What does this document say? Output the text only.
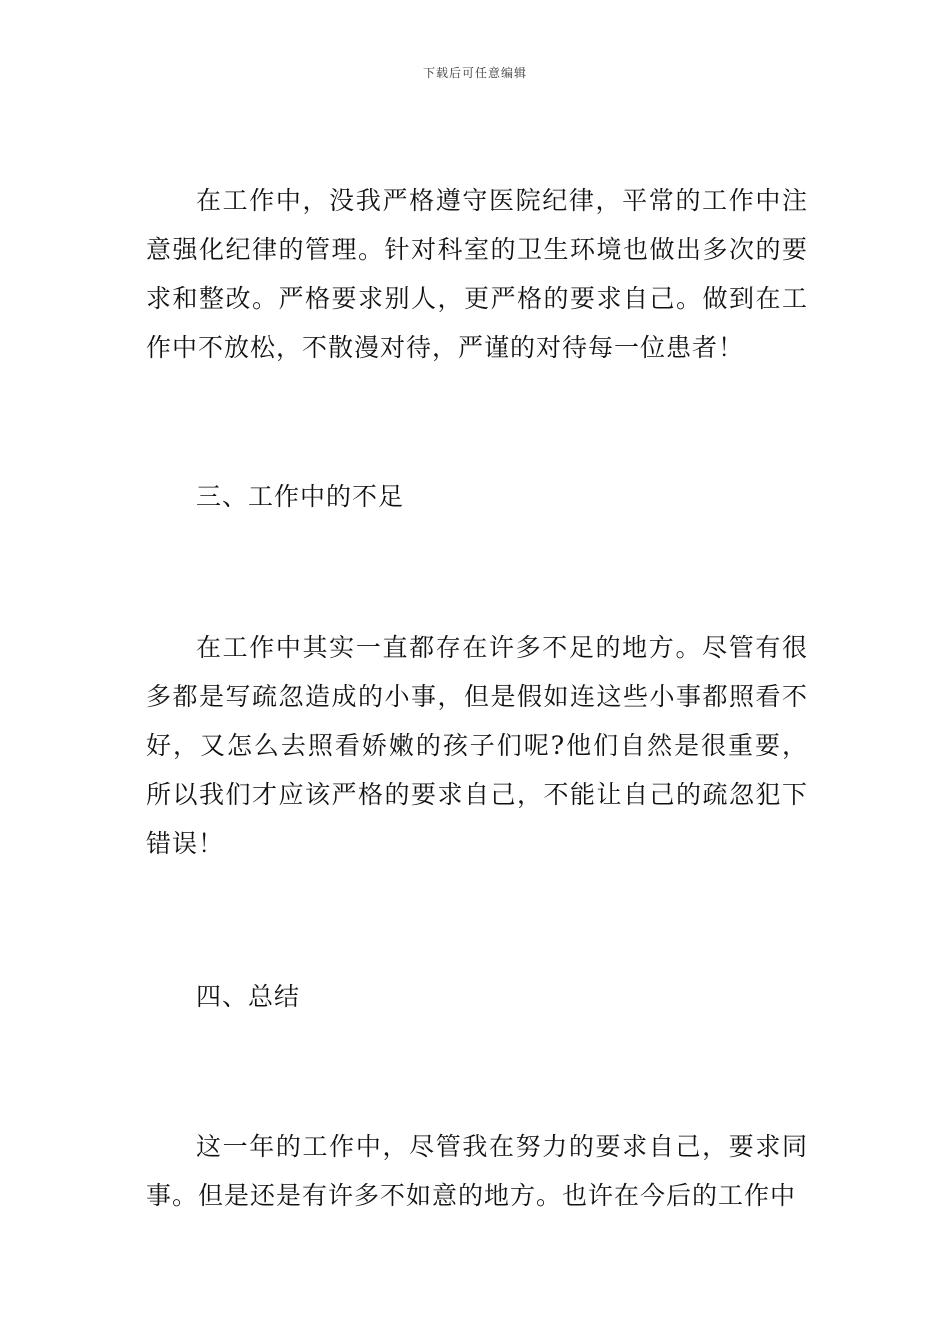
下载后可任意编辑

在工作中，没我严格遵守医院纪律，平常的工作中注意强化纪律的管理。针对科室的卫生环境也做出多次的要求和整改。严格要求别人，更严格的要求自己。做到在工作中不放松，不散漫对待，严谨的对待每一位患者！

三、工作中的不足

在工作中其实一直都存在许多不足的地方。尽管有很多都是写疏忽造成的小事，但是假如连这些小事都照看不好，又怎么去照看娇嫩的孩子们呢?他们自然是很重要，所以我们才应该严格的要求自己，不能让自己的疏忽犯下错误！

四、总结

这一年的工作中，尽管我在努力的要求自己，要求同事。但是还是有许多不如意的地方。也许在今后的工作中
